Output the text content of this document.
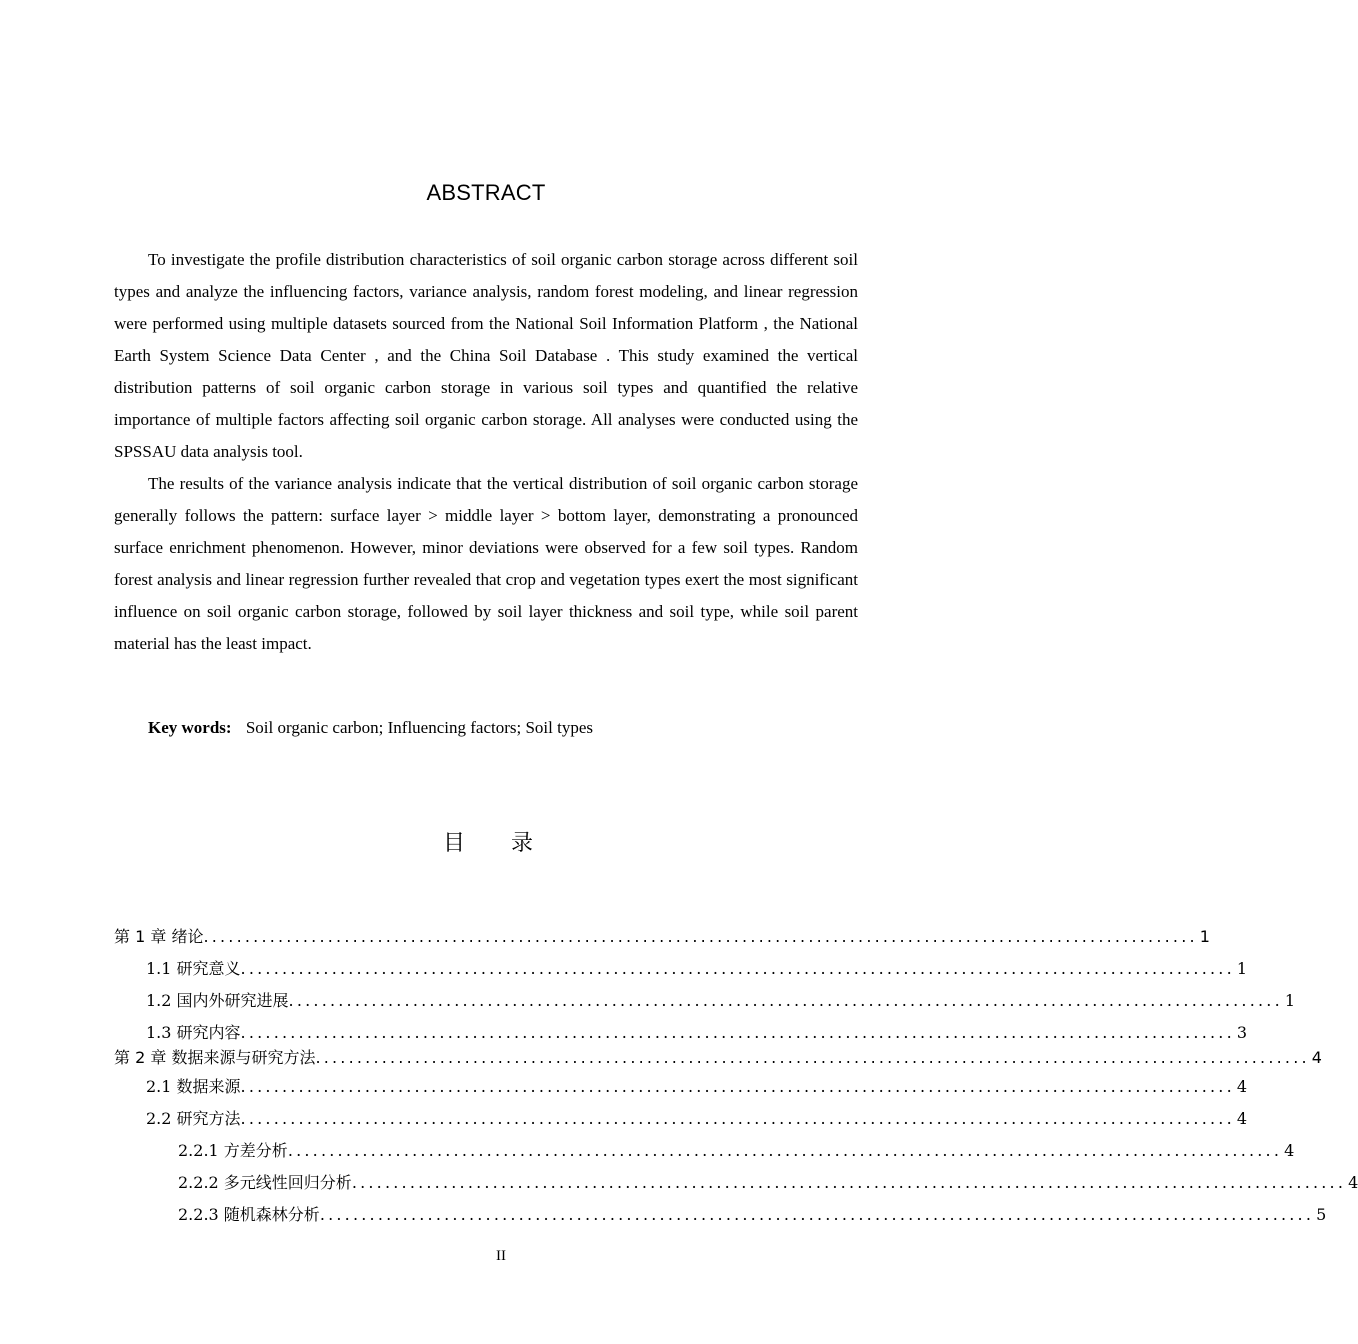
ABSTRACT

To investigate the profile distribution characteristics of soil organic carbon storage across different soil types and analyze the influencing factors, variance analysis, random forest modeling, and linear regression were performed using multiple datasets sourced from the National Soil Information Platform , the National Earth System Science Data Center , and the China Soil Database . This study examined the vertical distribution patterns of soil organic carbon storage in various soil types and quantified the relative importance of multiple factors affecting soil organic carbon storage. All analyses were conducted using the SPSSAU data analysis tool.

The results of the variance analysis indicate that the vertical distribution of soil organic carbon storage generally follows the pattern: surface layer > middle layer > bottom layer, demonstrating a pronounced surface enrichment phenomenon. However, minor deviations were observed for a few soil types. Random forest analysis and linear regression further revealed that crop and vegetation types exert the most significant influence on soil organic carbon storage, followed by soil layer thickness and soil type, while soil parent material has the least impact.

Key words: Soil organic carbon; Influencing factors; Soil types
目 录
第 1 章 绪论 ........................................................................................................................ 1
1.1 研究意义 ........................................................................................................................ 1
1.2 国内外研究进展 ........................................................................................................................ 1
1.3 研究内容 ........................................................................................................................ 3
第 2 章 数据来源与研究方法 ........................................................................................................................ 4
2.1 数据来源 ........................................................................................................................ 4
2.2 研究方法 ........................................................................................................................ 4
2.2.1 方差分析 ........................................................................................................................ 4
2.2.2 多元线性回归分析 ........................................................................................................................ 4
2.2.3 随机森林分析 ........................................................................................................................ 5
II
